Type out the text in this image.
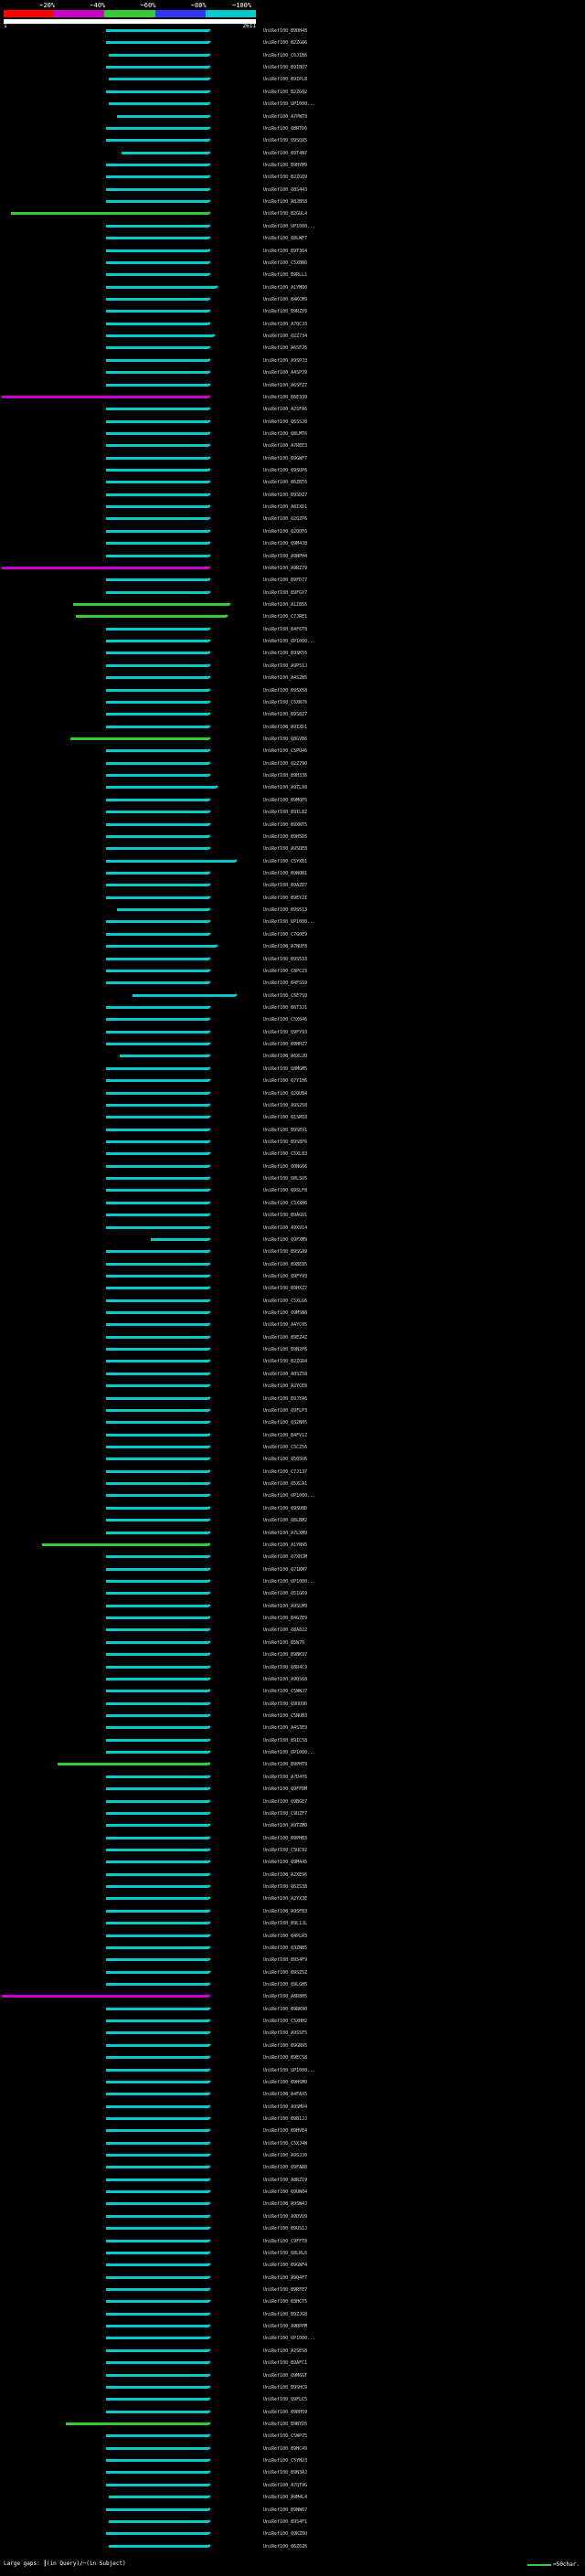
~20%	~40%	~60%	~80%	~100%
1	2611
UniRef100_B9DH48
UniRef100_B2ZGQ6
UniRef100_C6J1B6
UniRef100_B9IBU7
UniRef100_B9IPL8
UniRef100_B2ZGQ2
UniRef100_UP1000...
UniRef100_A7PWT8
UniRef100_Q8RTD6
UniRef100_Q9SQX5
UniRef100_B9T4N7
UniRef100_B9HYM9
UniRef100_B2ZGQ9
UniRef100_Q8S443
UniRef100_A8JB58
UniRef100_B2GUL4
UniRef100_UP1000...
UniRef100_Q8LWF7
UniRef100_B9T364
UniRef100_C5XBN6
UniRef100_B9RLL1
UniRef100_A1YM80
UniRef100_B4KCM9
UniRef100_B9RZY6
UniRef100_A7QCJ3
UniRef100_Q2Z734
UniRef100_A6SFJ5
UniRef100_A9SPJ3
UniRef100_A4SPJ9
UniRef100_A6SFZ7
UniRef100_B6E339
UniRef100_A2SFA6
UniRef100_Q6SSJ8
UniRef100_Q8LMT6
UniRef100_A7REE3
UniRef100_B9GWF7
UniRef100_Q9SUP6
UniRef100_B6ZBT6
UniRef100_B9SDZ7
UniRef100_A8IXD1
UniRef100_Q2QZP6
UniRef100_Q2QQF6
UniRef100_Q9M4J8
UniRef100_A9NPH4
UniRef100_A9RZ79
UniRef100_B9FD77
UniRef100_B9FGY7
UniRef100_A1IB55
UniRef100_C7JRE1
UniRef100_B4F6T8
UniRef100_UP1000...
UniRef100_B9SK55
UniRef100_A9P51J
UniRef100_A4S2B5
UniRef100_B9SX58
UniRef100_C5XN76
UniRef100_B9S8Z7
UniRef100_A9IXD1
UniRef100_Q8GVB6
UniRef100_C5PU46
UniRef100_Q2Z790
UniRef100_B9H336
UniRef100_A9TLX0
UniRef100_B9MQP5
UniRef100_B9IL8Z
UniRef100_B9XNT5
UniRef100_B9H5D5
UniRef100_A9SDE8
UniRef100_C5YXB1
UniRef100_B9NQN1
UniRef100_B9AZR7
UniRef100_B9EY2I
UniRef100_B9S513
UniRef100_UP1000...
UniRef100_C7G0E9
UniRef100_A7NUF8
UniRef100_B9S533
UniRef100_C8PC23
UniRef100_B4FSS9
UniRef100_C6E7S9
UniRef100_B6T3J1
UniRef100_C5X046
UniRef100_Q9FY93
UniRef100_B9HHZ7
UniRef100_A6XL2U
UniRef100_Q8MGM5
UniRef100_Q7Y1H6
UniRef100_Q2QUB4
UniRef100_A9S258
UniRef100_Q1SMI8
UniRef100_B9SE91
UniRef100_B9S8F6
UniRef100_C5XL83
UniRef100_O0NG66
UniRef100_Q8LSU5
UniRef100_Q9SLF8
UniRef100_C5XXH6
UniRef100_B9AGU1
UniRef100_A9X914
UniRef100_Q9FXM9
UniRef100_B9SGA9
UniRef100_B9BE85
UniRef100_Q9FY93
UniRef100_B9HXZ7
UniRef100_C5XLG6
UniRef100_O9MSN8
UniRef100_A4YC05
UniRef100_B9EZ4Z
UniRef100_B9N2P6
UniRef100_B2ZGR4
UniRef100_A0SZ58
UniRef100_A2YCE8
UniRef100_B9JYA6
UniRef100_Q9FLP3
UniRef100_Q32N05
UniRef100_B4FV1Z
UniRef100_C5CZ56
UniRef100_Q5QSU6
UniRef100_C7J137
UniRef100_Q5XLA1
UniRef100_UP1000...
UniRef100_Q9SU8D
UniRef100_Q8LBM2
UniRef100_A7LXM9
UniRef100_A1YN95
UniRef100_Q7XHJM
UniRef100_Q71KM7
UniRef100_UP1000...
UniRef100_Q51G69
UniRef100_A9SLM9
UniRef100_B4G7E9
UniRef100_Q8A822
UniRef100_B5W70
UniRef100_B9BK97
UniRef100_Q8R4C9
UniRef100_A9QS68
UniRef100_C5WWJ7
UniRef100_Q9UU9D
UniRef100_C5NUB3
UniRef100_A4S3E9
UniRef100_B9IC58
UniRef100_UP1000...
UniRef100_B9PHT9
UniRef100_A7D4Y6
UniRef100_Q9FFDM
UniRef100_Q9BGE7
UniRef100_C9UZF7
UniRef100_A9TZM0
UniRef100_B9PHB3
UniRef100_C5UC92
UniRef100_Q9M445
UniRef100_A2XE96
UniRef100_Q6ZS38
UniRef100_A2YX3E
UniRef100_A9SFB3
UniRef100_B9L1JL
UniRef100_Q4PLR3
UniRef100_Q3ZNB5
UniRef100_B9S4F9
UniRef100_B9SZ5Z
UniRef100_Q9LGH5
UniRef100_A8R8H5
UniRef100_B9RK90
UniRef100_C5XHH2
UniRef100_A9SSF5
UniRef100_B9GN95
UniRef100_B9ECS8
UniRef100_UP1000...
UniRef100_B9HSM0
UniRef100_A4FAX5
UniRef100_A9SMU4
UniRef100_B9B1JJ
UniRef100_B9HVE4
UniRef100_C5XJ4W
UniRef100_A9SJJ0
UniRef100_Q9FAR0
UniRef100_A8RZ19
UniRef100_Q9UN04
UniRef100_A9SW4J
UniRef100_A9DVU9
UniRef100_B9US1J
UniRef100_C9FFT8
UniRef100_Q8LRL6
UniRef100_B9GWF4
UniRef100_A9Q4F7
UniRef100_B9RFE7
UniRef100_B3HCT5
UniRef100_B9ZJG8
UniRef100_A9RPPM
UniRef100_UP1000...
UniRef100_A2SES8
UniRef100_B9AFC1
UniRef100_Q9M6GT
UniRef100_B9SHC9
UniRef100_Q9FLC5
UniRef100_B9RH59
UniRef100_B9BYD5
UniRef100_C5WP75
UniRef100_B9HC49
UniRef100_C5YM23
UniRef100_B9N3AJ
UniRef100_A7QT9G
UniRef100_A9M4L4
UniRef100_B9NW67
UniRef100_B9S4F1
UniRef100_Q9KZ6U
UniRef100_Q6Z6Z6
Large gaps: ┃(in Query)/─(in Subject)	=50char.
